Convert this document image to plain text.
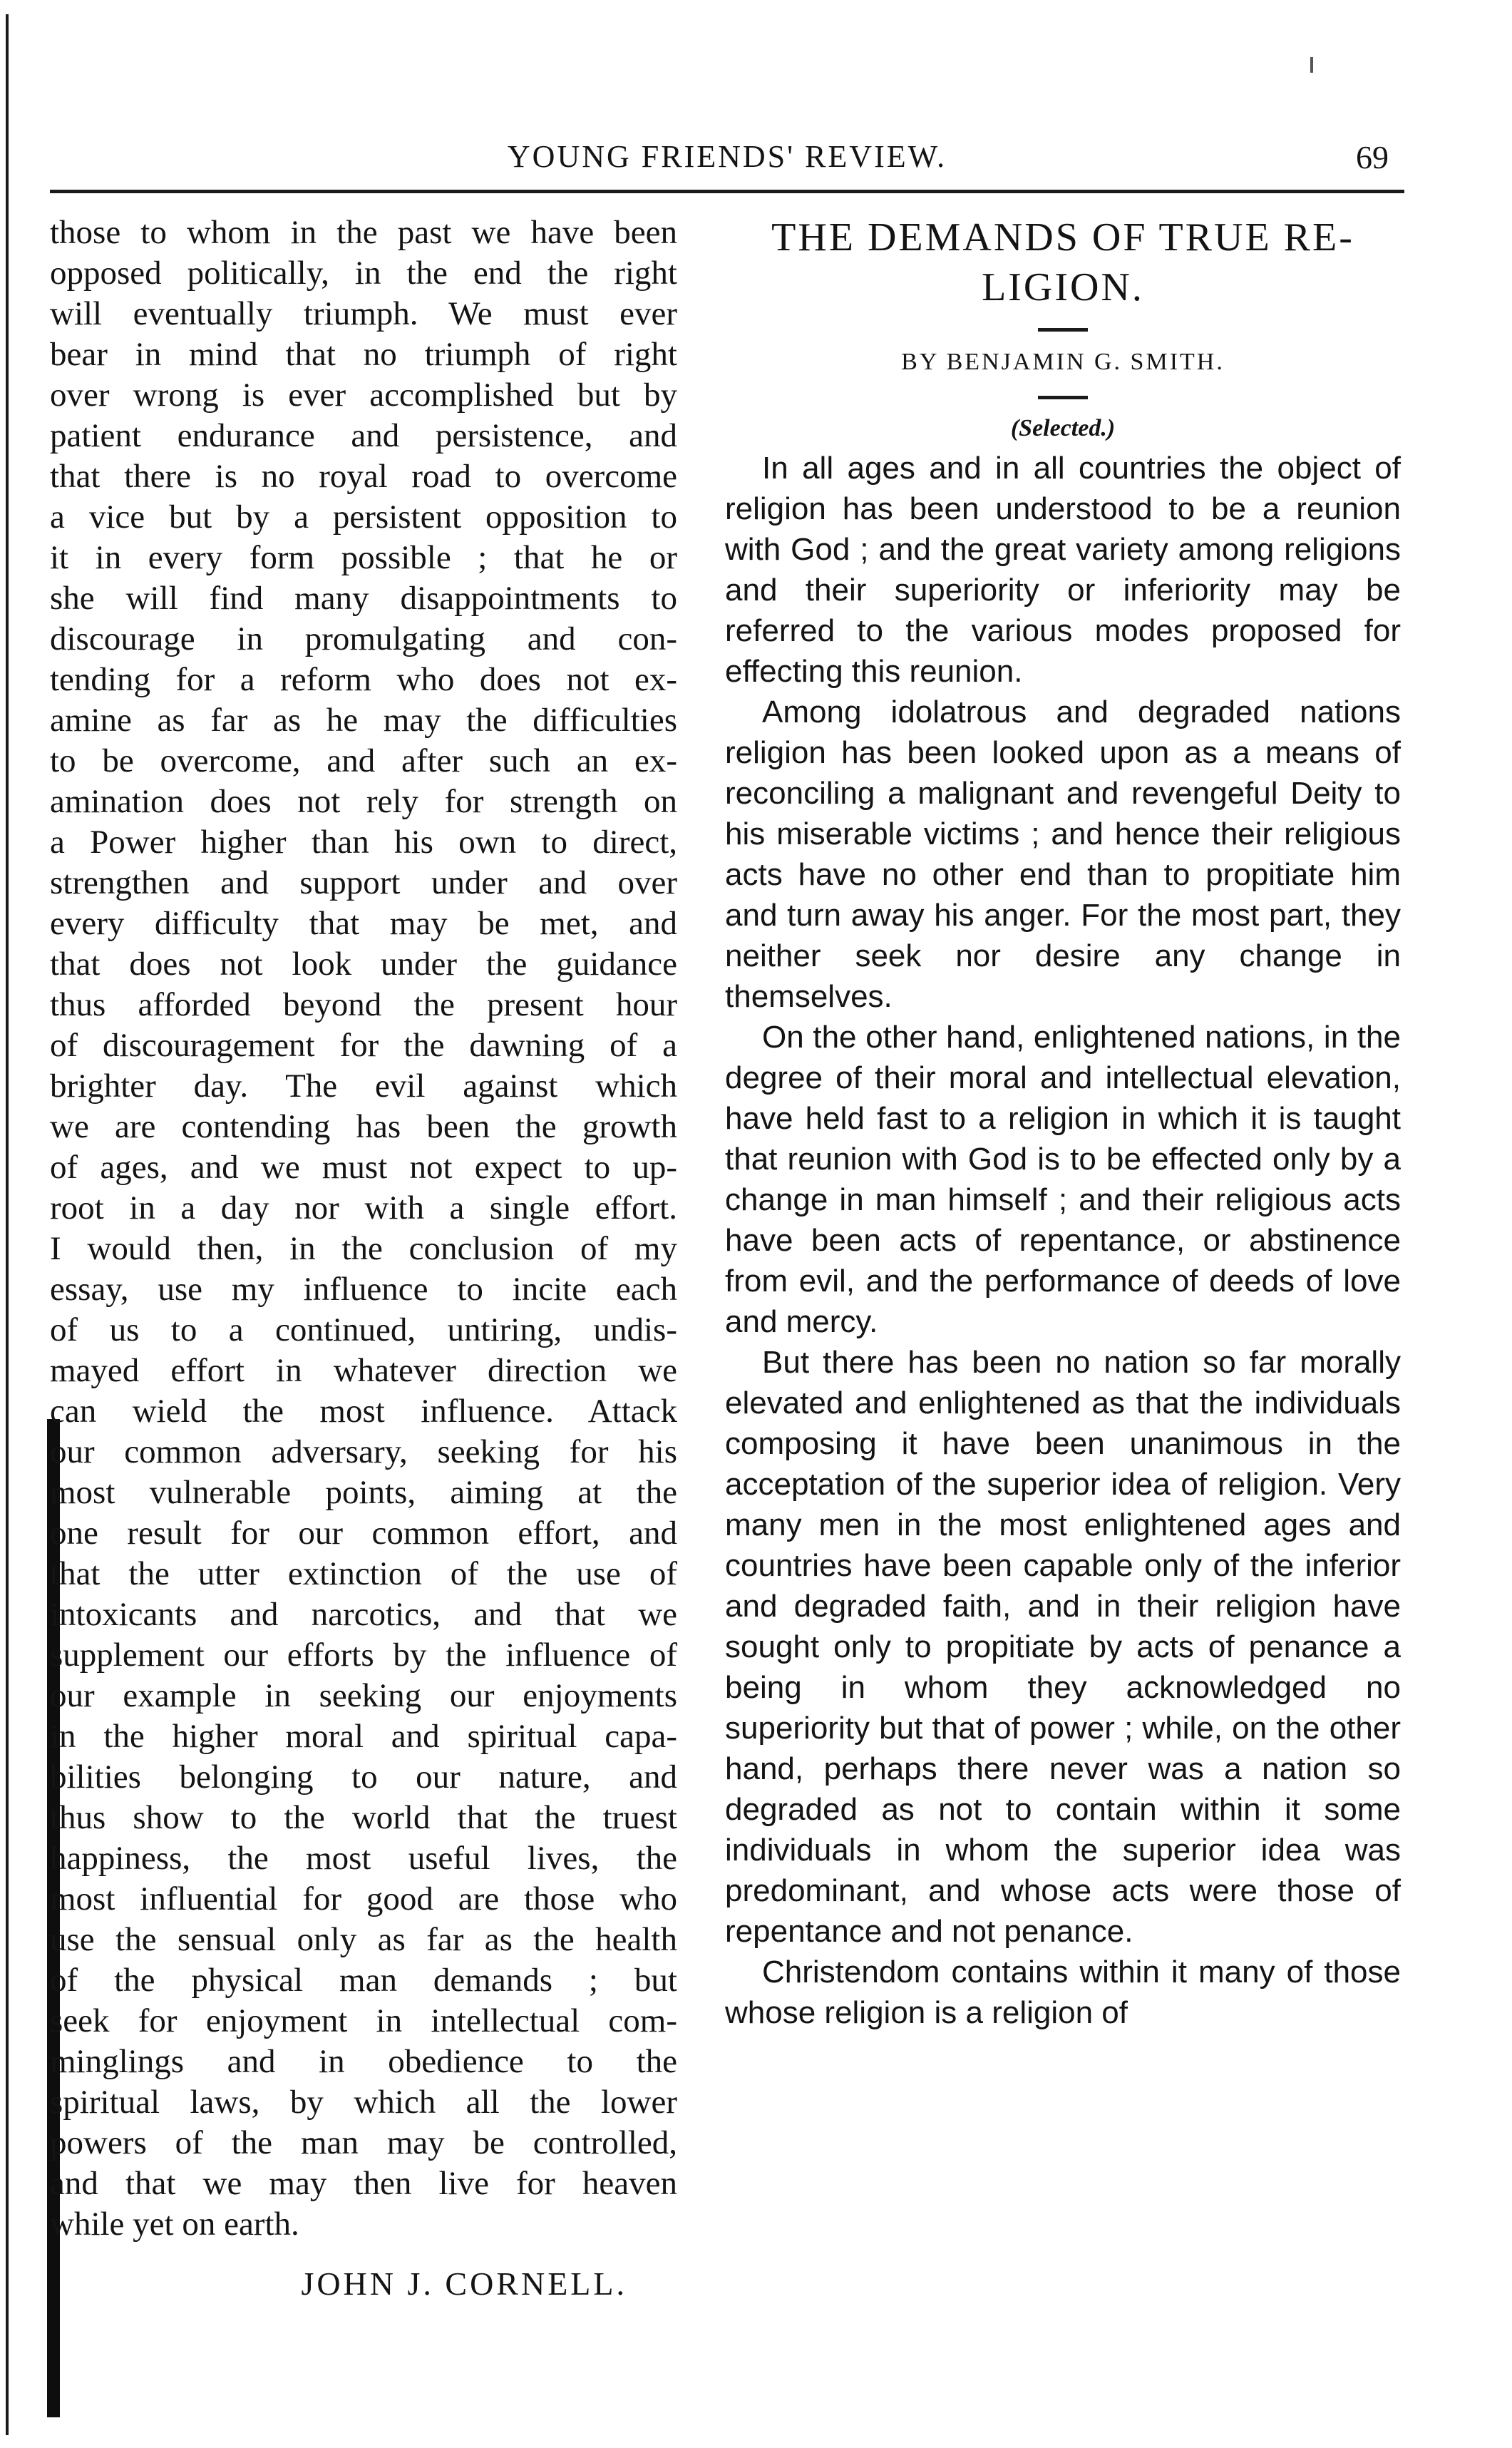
YOUNG FRIENDS' REVIEW.	69

those to whom in the past we have been
opposed politically, in the end the right
will eventually triumph. We must ever
bear in mind that no triumph of right
over wrong is ever accomplished but by
patient endurance and persistence, and
that there is no royal road to overcome
a vice but by a persistent opposition to
it in every form possible ; that he or
she will find many disappointments to
discourage in promulgating and con-
tending for a reform who does not ex-
amine as far as he may the difficulties
to be overcome, and after such an ex-
amination does not rely for strength on
a Power higher than his own to direct,
strengthen and support under and over
every difficulty that may be met, and
that does not look under the guidance
thus afforded beyond the present hour
of discouragement for the dawning of a
brighter day. The evil against which
we are contending has been the growth
of ages, and we must not expect to up-
root in a day nor with a single effort.
I would then, in the conclusion of my
essay, use my influence to incite each
of us to a continued, untiring, undis-
mayed effort in whatever direction we
can wield the most influence. Attack
our common adversary, seeking for his
most vulnerable points, aiming at the
one result for our common effort, and
that the utter extinction of the use of
intoxicants and narcotics, and that we
supplement our efforts by the influence of
our example in seeking our enjoyments
in the higher moral and spiritual capa-
bilities belonging to our nature, and
thus show to the world that the truest
happiness, the most useful lives, the
most influential for good are those who
use the sensual only as far as the health
of the physical man demands ; but
seek for enjoyment in intellectual com-
minglings and in obedience to the
spiritual laws, by which all the lower
powers of the man may be controlled,
and that we may then live for heaven
while yet on earth.

JOHN J. CORNELL.

THE DEMANDS OF TRUE RE-LIGION.

BY BENJAMIN G. SMITH.

(Selected.)

In all ages and in all countries the object of religion has been understood to be a reunion with God ; and the great variety among religions and their superiority or inferiority may be referred to the various modes proposed for effecting this reunion.

Among idolatrous and degraded nations religion has been looked upon as a means of reconciling a malignant and revengeful Deity to his miserable victims ; and hence their religious acts have no other end than to propitiate him and turn away his anger. For the most part, they neither seek nor desire any change in themselves.

On the other hand, enlightened nations, in the degree of their moral and intellectual elevation, have held fast to a religion in which it is taught that reunion with God is to be effected only by a change in man himself ; and their religious acts have been acts of repentance, or abstinence from evil, and the performance of deeds of love and mercy.

But there has been no nation so far morally elevated and enlightened as that the individuals composing it have been unanimous in the acceptation of the superior idea of religion. Very many men in the most enlightened ages and countries have been capable only of the inferior and degraded faith, and in their religion have sought only to propitiate by acts of penance a being in whom they acknowledged no superiority but that of power ; while, on the other hand, perhaps there never was a nation so degraded as not to contain within it some individuals in whom the superior idea was predominant, and whose acts were those of repentance and not penance.

Christendom contains within it many of those whose religion is a religion of
